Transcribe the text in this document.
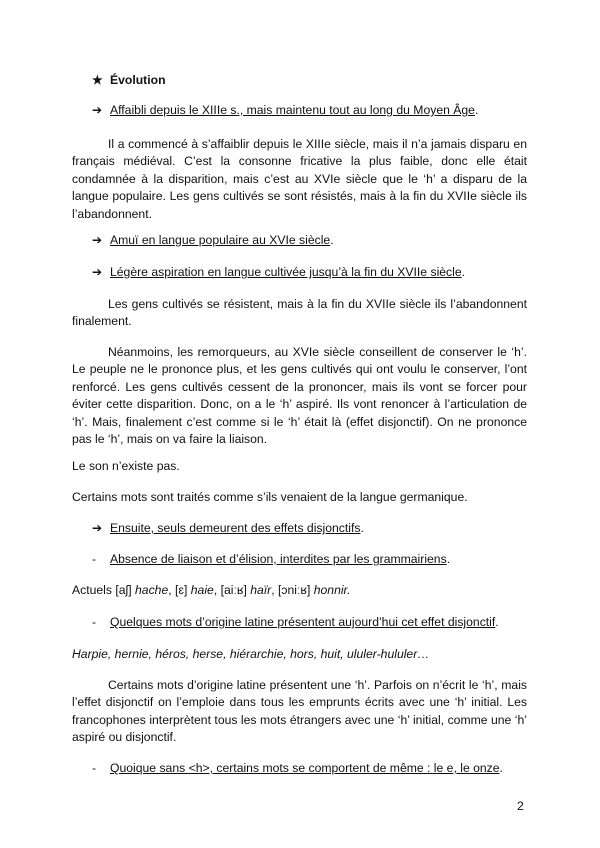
★ Évolution
➔ Affaibli depuis le XIIIe s., mais maintenu tout au long du Moyen Âge.

Il a commencé à s’affaiblir depuis le XIIIe siècle, mais il n’a jamais disparu en français médiéval. C’est la consonne fricative la plus faible, donc elle était condamnée à la disparition, mais c’est au XVIe siècle que le ‘h’ a disparu de la langue populaire. Les gens cultivés se sont résistés, mais à la fin du XVIIe siècle ils l’abandonnent.

➔ Amuï en langue populaire au XVIe siècle.
➔ Légère aspiration en langue cultivée jusqu’à la fin du XVIIe siècle.

Les gens cultivés se résistent, mais à la fin du XVIIe siècle ils l’abandonnent finalement.

Néanmoins, les remorqueurs, au XVIe siècle conseillent de conserver le ‘h’. Le peuple ne le prononce plus, et les gens cultivés qui ont voulu le conserver, l’ont renforcé. Les gens cultivés cessent de la prononcer, mais ils vont se forcer pour éviter cette disparition. Donc, on a le ‘h’ aspiré. Ils vont renoncer à l’articulation de ‘h’. Mais, finalement c’est comme si le ‘h’ était là (effet disjonctif). On ne prononce pas le ‘h’, mais on va faire la liaison.

Le son n’existe pas.

Certains mots sont traités comme s’ils venaient de la langue germanique.

➔ Ensuite, seuls demeurent des effets disjonctifs.
- Absence de liaison et d’élision, interdites par les grammairiens.

Actuels [aʃ] hache, [ɛ] haie, [aiːʁ] haïr, [ɔniːʁ] honnir.

- Quelques mots d’origine latine présentent aujourd’hui cet effet disjonctif.

Harpie, hernie, héros, herse, hiérarchie, hors, huit, ululer-hululer…

Certains mots d’origine latine présentent une ‘h’. Parfois on n’écrit le ‘h’, mais l’effet disjonctif on l’emploie dans tous les emprunts écrits avec une ‘h’ initial. Les francophones interprètent tous les mots étrangers avec une ‘h’ initial, comme une ‘h’ aspiré ou disjonctif.

- Quoique sans <h>, certains mots se comportent de même : le e, le onze.
2
